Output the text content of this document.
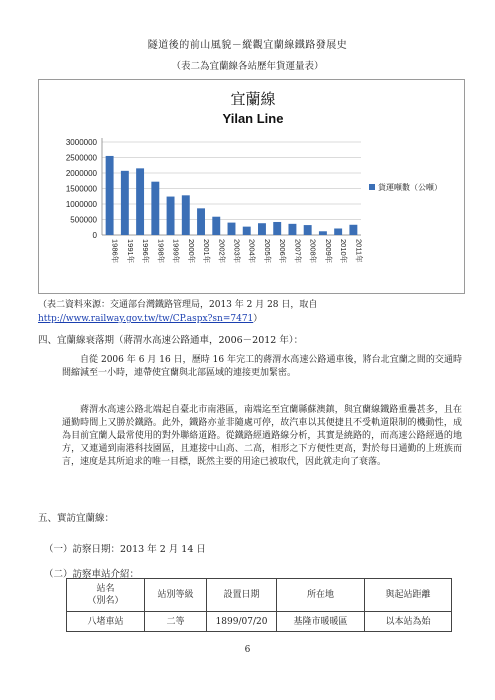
隧道後的前山風貌－縱觀宜蘭線鐵路發展史
（表二為宜蘭線各站歷年貨運量表）
宜蘭線
Yilan Line
0
500000
1000000
1500000
2000000
2500000
3000000
1986年 1991年 1996年 1998年 1999年 2000年 2001年 2002年 2003年 2004年 2005年 2006年 2007年 2008年 2009年 2010年 2011年
貨運噸數（公噸）
（表二資料來源：交通部台灣鐵路管理局，2013 年 2 月 28 日，取自
http://www.railway.gov.tw/tw/CP.aspx?sn=7471）
四、宜蘭線衰落期（蔣渭水高速公路通車，2006－2012 年）：
自從 2006 年 6 月 16 日，歷時 16 年完工的蔣渭水高速公路通車後，將台北宜蘭之間的交通時間縮減至一小時，連帶使宜蘭與北部區域的連接更加緊密。
蔣渭水高速公路北端起自臺北市南港區，南端迄至宜蘭縣蘇澳鎮，與宜蘭線鐵路重疊甚多，且在通勤時間上又勝於鐵路。此外，鐵路亦並非隨處可停，故汽車以其便捷且不受軌道限制的機動性，成為目前宜蘭人最常使用的對外聯絡道路。從鐵路經過路線分析，其實是繞路的，而高速公路經過的地方，又連通到南港科技園區，且連接中山高、二高，相形之下方便性更高，對於每日通勤的上班族而言，速度是其所追求的唯一目標，既然主要的用途已被取代，因此就走向了衰落。
五、實訪宜蘭線：
（一）訪察日期：2013 年 2 月 14 日
（二）訪察車站介紹：
站名
（別名）	站別等級	設置日期	所在地	與起站距離
八堵車站	二等	1899/07/20	基隆市暖暖區	以本站為始
6
